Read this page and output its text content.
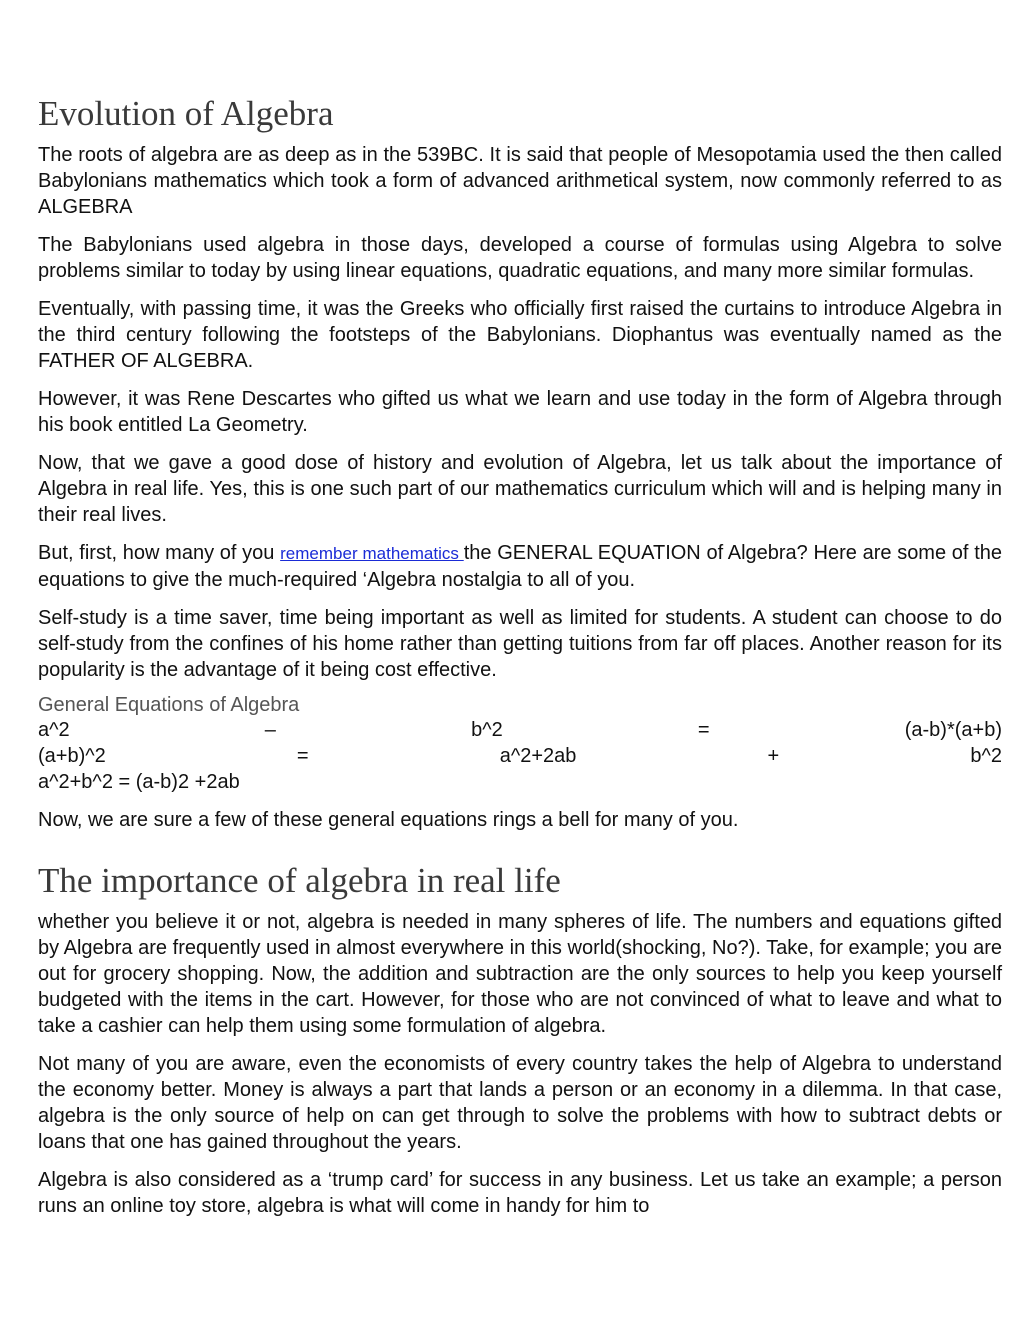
Evolution of Algebra

The roots of algebra are as deep as in the 539BC. It is said that people of Mesopotamia used the then called Babylonians mathematics which took a form of advanced arithmetical system, now commonly referred to as ALGEBRA

The Babylonians used algebra in those days, developed a course of formulas using Algebra to solve problems similar to today by using linear equations, quadratic equations, and many more similar formulas.

Eventually, with passing time, it was the Greeks who officially first raised the curtains to introduce Algebra in the third century following the footsteps of the Babylonians. Diophantus was eventually named as the FATHER OF ALGEBRA.

However, it was Rene Descartes who gifted us what we learn and use today in the form of Algebra through his book entitled La Geometry.

Now, that we gave a good dose of history and evolution of Algebra, let us talk about the importance of Algebra in real life. Yes, this is one such part of our mathematics curriculum which will and is helping many in their real lives.

But, first, how many of you remember mathematics the GENERAL EQUATION of Algebra? Here are some of the equations to give the much-required ‘Algebra nostalgia to all of you.

Self-study is a time saver, time being important as well as limited for students. A student can choose to do self-study from the confines of his home rather than getting tuitions from far off places. Another reason for its popularity is the advantage of it being cost effective.

General Equations of Algebra
a^2	–	b^2	=	(a-b)*(a+b)
(a+b)^2	=	a^2+2ab	+	b^2
a^2+b^2 = (a-b)2 +2ab

Now, we are sure a few of these general equations rings a bell for many of you.

The importance of algebra in real life

whether you believe it or not, algebra is needed in many spheres of life. The numbers and equations gifted by Algebra are frequently used in almost everywhere in this world(shocking, No?). Take, for example; you are out for grocery shopping. Now, the addition and subtraction are the only sources to help you keep yourself budgeted with the items in the cart. However, for those who are not convinced of what to leave and what to take a cashier can help them using some formulation of algebra.

Not many of you are aware, even the economists of every country takes the help of Algebra to understand the economy better. Money is always a part that lands a person or an economy in a dilemma. In that case, algebra is the only source of help on can get through to solve the problems with how to subtract debts or loans that one has gained throughout the years.

Algebra is also considered as a ‘trump card’ for success in any business. Let us take an example; a person runs an online toy store, algebra is what will come in handy for him to
